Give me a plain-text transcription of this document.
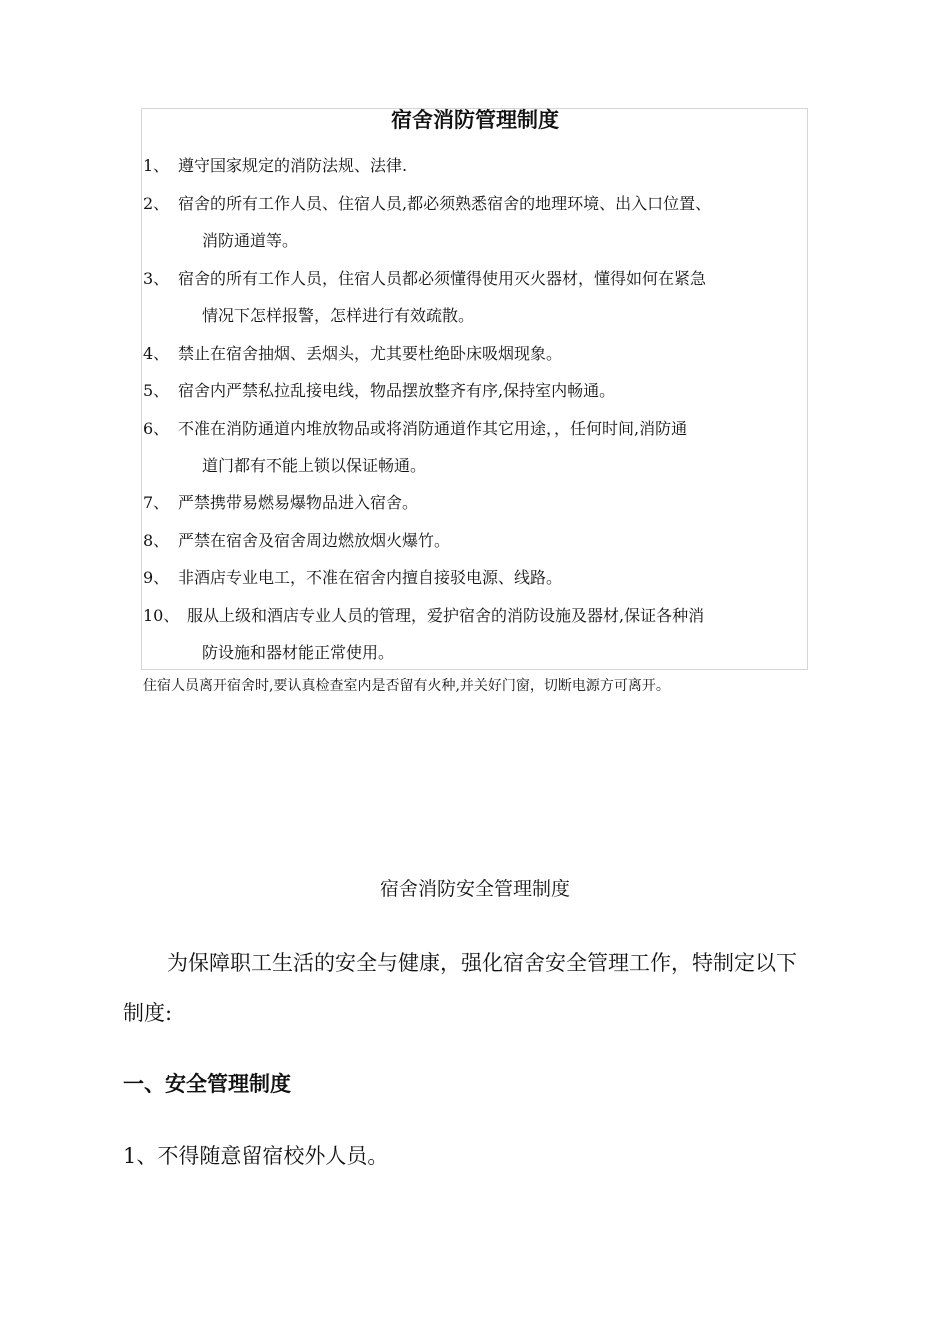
宿舍消防管理制度
1、 遵守国家规定的消防法规、法律.
2、 宿舍的所有工作人员、住宿人员,都必须熟悉宿舍的地理环境、出入口位置、
消防通道等。
3、 宿舍的所有工作人员，住宿人员都必须懂得使用灭火器材，懂得如何在紧急
情况下怎样报警，怎样进行有效疏散。
4、 禁止在宿舍抽烟、丢烟头，尤其要杜绝卧床吸烟现象。
5、 宿舍内严禁私拉乱接电线，物品摆放整齐有序,保持室内畅通。
6、 不准在消防通道内堆放物品或将消防通道作其它用途，，任何时间,消防通
道门都有不能上锁以保证畅通。
7、 严禁携带易燃易爆物品进入宿舍。
8、 严禁在宿舍及宿舍周边燃放烟火爆竹。
9、 非酒店专业电工，不准在宿舍内擅自接驳电源、线路。
10、 服从上级和酒店专业人员的管理，爱护宿舍的消防设施及器材,保证各种消
防设施和器材能正常使用。
住宿人员离开宿舍时,要认真检查室内是否留有火种,并关好门窗，切断电源方可离开。
宿舍消防安全管理制度
为保障职工生活的安全与健康，强化宿舍安全管理工作，特制定以下
制度:
一、安全管理制度
1、不得随意留宿校外人员。
